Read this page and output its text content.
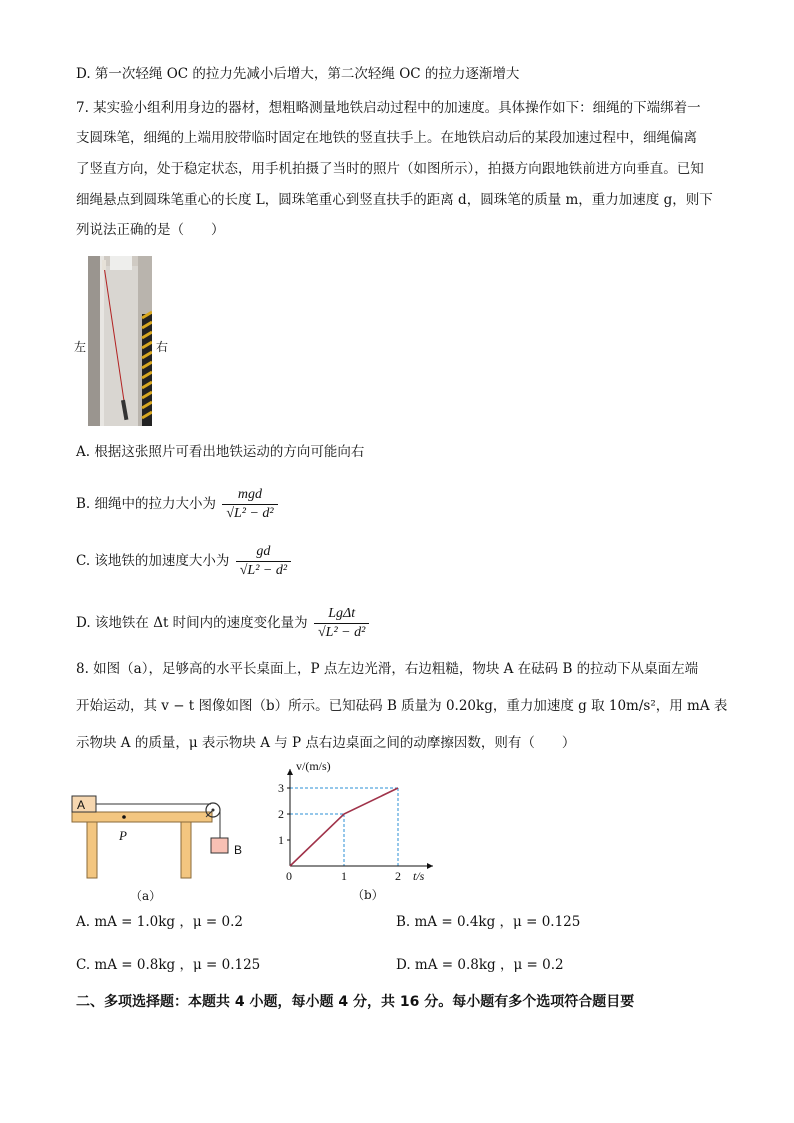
D. 第一次轻绳 OC 的拉力先减小后增大，第二次轻绳 OC 的拉力逐渐增大
7. 某实验小组利用身边的器材，想粗略测量地铁启动过程中的加速度。具体操作如下：细绳的下端绑着一
支圆珠笔，细绳的上端用胶带临时固定在地铁的竖直扶手上。在地铁启动后的某段加速过程中，细绳偏离
了竖直方向，处于稳定状态，用手机拍摄了当时的照片（如图所示），拍摄方向跟地铁前进方向垂直。已知
细绳悬点到圆珠笔重心的长度 L，圆珠笔重心到竖直扶手的距离 d，圆珠笔的质量 m，重力加速度 g，则下
列说法正确的是（　　）
左	右
A. 根据这张照片可看出地铁运动的方向可能向右
B. 细绳中的拉力大小为 $\frac{\text{mgd}}{\text{√L² − d²}}$
C. 该地铁的加速度大小为 $\frac{gd}{\text{√L² − d²}}$
D. 该地铁在 Δt 时间内的速度变化量为 $\frac{\text{LgΔt}}{\text{√L² − d²}}$
8. 如图（a），足够高的水平长桌面上，P 点左边光滑，右边粗糙，物块 A 在砝码 B 的拉动下从桌面左端
开始运动，其 v − t 图像如图（b）所示。已知砝码 B 质量为 0.20kg，重力加速度 g 取 10m/s²，用 mA 表
示物块 A 的质量，μ 表示物块 A 与 P 点右边桌面之间的动摩擦因数，则有（　　）
A
B
P
（a）
1
2
3
1	2
0
v/(m/s)
t/s
（b）
A. mA = 1.0kg ，μ = 0.2	B. mA = 0.4kg ，μ = 0.125
C. mA = 0.8kg ，μ = 0.125	D. mA = 0.8kg ，μ = 0.2
二、多项选择题：本题共 4 小题，每小题 4 分，共 16 分。每小题有多个选项符合题目要
